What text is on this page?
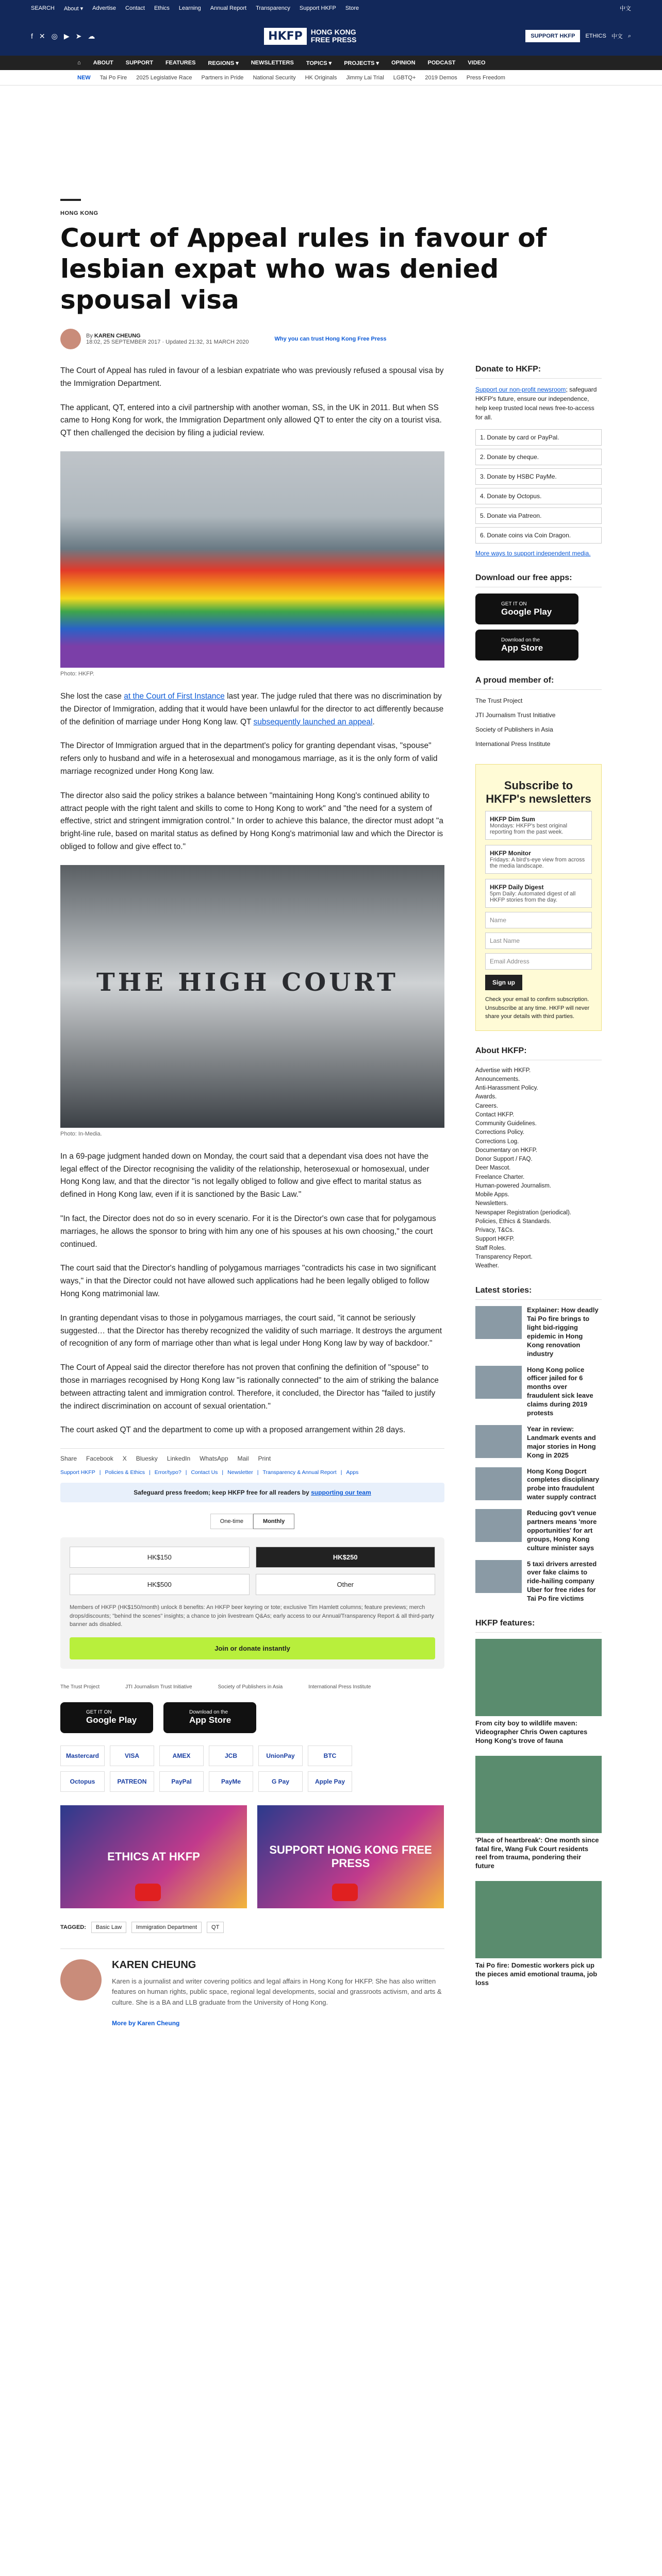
SEARCH About ▾ Advertise Contact Ethics Learning Annual Report Transparency Support HKFP Store	中文
f ✕ ◎ ▶ ➤ ☁	HKFP	HONG KONG
FREE PRESS	SUPPORT HKFP	ETHICS 中文 ⌕
⌂ ABOUT SUPPORT FEATURES REGIONS ▾ NEWSLETTERS TOPICS ▾ PROJECTS ▾ OPINION PODCAST VIDEO
NEW Tai Po Fire 2025 Legislative Race Partners in Pride National Security HK Originals Jimmy Lai Trial LGBTQ+ 2019 Demos Press Freedom
HONG KONG
Court of Appeal rules in favour of lesbian expat who was denied spousal visa
By KAREN CHEUNG
18:02, 25 SEPTEMBER 2017 · Updated 21:32, 31 MARCH 2020	Why you can trust Hong Kong Free Press

The Court of Appeal has ruled in favour of a lesbian expatriate who was previously refused a spousal visa by the Immigration Department.

The applicant, QT, entered into a civil partnership with another woman, SS, in the UK in 2011. But when SS came to Hong Kong for work, the Immigration Department only allowed QT to enter the city on a tourist visa. QT then challenged the decision by filing a judicial review.

Photo: HKFP.

She lost the case at the Court of First Instance last year. The judge ruled that there was no discrimination by the Director of Immigration, adding that it would have been unlawful for the director to act differently because of the definition of marriage under Hong Kong law. QT subsequently launched an appeal.

The Director of Immigration argued that in the department's policy for granting dependant visas, "spouse" refers only to husband and wife in a heterosexual and monogamous marriage, as it is the only form of valid marriage recognized under Hong Kong law.

The director also said the policy strikes a balance between "maintaining Hong Kong's continued ability to attract people with the right talent and skills to come to Hong Kong to work" and "the need for a system of effective, strict and stringent immigration control." In order to achieve this balance, the director must adopt "a bright-line rule, based on marital status as defined by Hong Kong's matrimonial law and which the Director is obliged to follow and give effect to."

THE HIGH COURT
Photo: In-Media.

In a 69-page judgment handed down on Monday, the court said that a dependant visa does not have the legal effect of the Director recognising the validity of the relationship, heterosexual or homosexual, under Hong Kong law, and that the director "is not legally obliged to follow and give effect to marital status as defined in Hong Kong law, even if it is sanctioned by the Basic Law."

"In fact, the Director does not do so in every scenario. For it is the Director's own case that for polygamous marriages, he allows the sponsor to bring with him any one of his spouses at his own choosing," the court continued.

The court said that the Director's handling of polygamous marriages "contradicts his case in two significant ways," in that the Director could not have allowed such applications had he been legally obliged to follow Hong Kong matrimonial law.

In granting dependant visas to those in polygamous marriages, the court said, "it cannot be seriously suggested… that the Director has thereby recognized the validity of such marriage. It destroys the argument of recognition of any form of marriage other than what is legal under Hong Kong law by way of backdoor."

The Court of Appeal said the director therefore has not proven that confining the definition of "spouse" to those in marriages recognised by Hong Kong law "is rationally connected" to the aim of striking the balance between attracting talent and immigration control. Therefore, it concluded, the Director has "failed to justify the indirect discrimination on account of sexual orientation."

The court asked QT and the department to come up with a proposed arrangement within 28 days.

Share Facebook X Bluesky LinkedIn WhatsApp Mail Print
Support HKFP | Policies & Ethics | Error/typo? | Contact Us | Newsletter | Transparency & Annual Report | Apps
Safeguard press freedom; keep HKFP free for all readers by supporting our team
One-time	Monthly
HK$150	HK$250
HK$500	Other
Members of HKFP (HK$150/month) unlock 8 benefits: An HKFP beer keyring or tote; exclusive Tim Hamlett columns; feature previews; merch drops/discounts; "behind the scenes" insights; a chance to join livestream Q&As; early access to our Annual/Transparency Report & all third-party banner ads disabled.
Join or donate instantly
The Trust Project	JTI Journalism Trust Initiative	Society of Publishers in Asia	International Press Institute
GET IT ON
Google Play
Download on the
App Store
Mastercard	VISA	AMEX	JCB	UnionPay	BTC
Octopus	PATREON	PayPal	PayMe	G Pay	Apple Pay
ETHICS AT HKFP
SUPPORT HONG KONG FREE PRESS
TAGGED:	Basic Law	Immigration Department	QT
KAREN CHEUNG

Karen is a journalist and writer covering politics and legal affairs in Hong Kong for HKFP. She has also written features on human rights, public space, regional legal developments, social and grassroots activism, and arts & culture. She is a BA and LLB graduate from the University of Hong Kong.

More by Karen Cheung
Donate to HKFP:

Support our non-profit newsroom; safeguard HKFP's future, ensure our independence, help keep trusted local news free-to-access for all.

1. Donate by card or PayPal.
2. Donate by cheque.
3. Donate by HSBC PayMe.
4. Donate by Octopus.
5. Donate via Patreon.
6. Donate coins via Coin Dragon.

More ways to support independent media.

Download our free apps:
GET IT ON
Google Play
Download on the
App Store
A proud member of:

The Trust Project

JTI Journalism Trust Initiative

Society of Publishers in Asia

International Press Institute

Subscribe to HKFP's newsletters
HKFP Dim Sum
Mondays: HKFP's best original reporting from the past week.
HKFP Monitor
Fridays: A bird's-eye view from across the media landscape.
HKFP Daily Digest
5pm Daily: Automated digest of all HKFP stories from the day.
Name
Last Name
Email Address
Sign up

Check your email to confirm subscription. Unsubscribe at any time. HKFP will never share your details with third parties.

About HKFP:
Advertise with HKFP.
Announcements.
Anti-Harassment Policy.
Awards.
Careers.
Contact HKFP.
Community Guidelines.
Corrections Policy.
Corrections Log.
Documentary on HKFP.
Donor Support / FAQ.
Deer Mascot.
Freelance Charter.
Human-powered Journalism.
Mobile Apps.
Newsletters.
Newspaper Registration (periodical).
Policies, Ethics & Standards.
Privacy, T&Cs.
Support HKFP.
Staff Roles.
Transparency Report.
Weather.
Latest stories:
Explainer: How deadly Tai Po fire brings to light bid-rigging epidemic in Hong Kong renovation industry
Hong Kong police officer jailed for 6 months over fraudulent sick leave claims during 2019 protests
Year in review: Landmark events and major stories in Hong Kong in 2025
Hong Kong Dogcrt completes disciplinary probe into fraudulent water supply contract
Reducing gov't venue partners means 'more opportunities' for art groups, Hong Kong culture minister says
5 taxi drivers arrested over fake claims to ride-hailing company Uber for free rides for Tai Po fire victims
HKFP features:
From city boy to wildlife maven: Videographer Chris Owen captures Hong Kong's trove of fauna
'Place of heartbreak': One month since fatal fire, Wang Fuk Court residents reel from trauma, pondering their future
Tai Po fire: Domestic workers pick up the pieces amid emotional trauma, job loss
